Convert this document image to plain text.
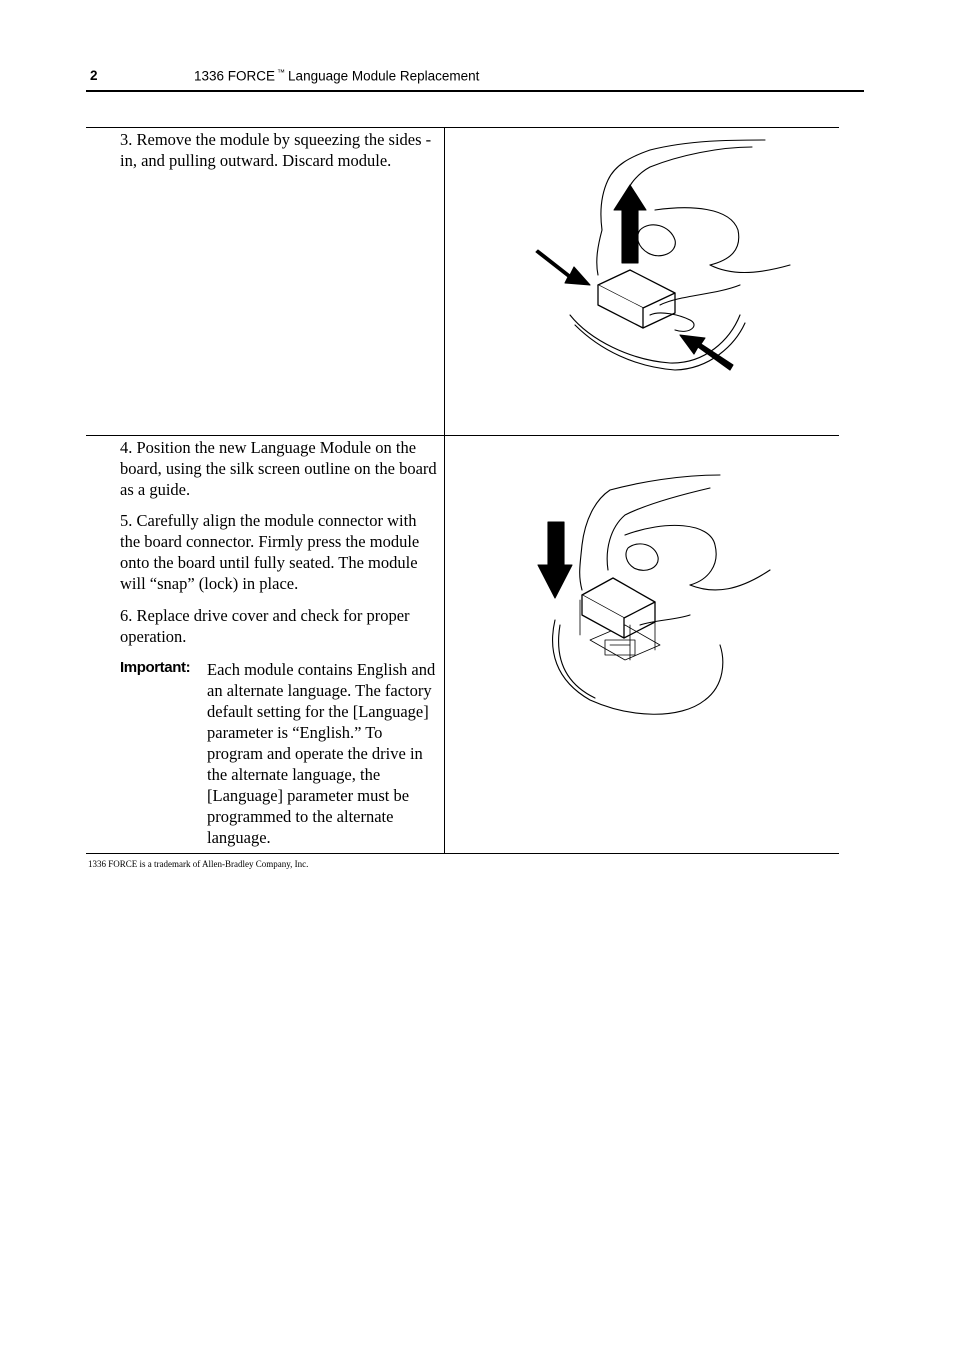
2	1336 FORCE ™ Language Module Replacement

3. Remove the module by squeezing the sides - in, and pulling outward. Discard module.

4. Position the new Language Module on the board, using the silk screen outline on the board as a guide.

5. Carefully align the module connector with the board connector. Firmly press the module onto the board until fully seated. The module will “snap” (lock) in place.

6. Replace drive cover and check for proper operation.

Important: Each module contains English and an alternate language. The factory default setting for the [Language] parameter is “English.” To program and operate the drive in the alternate language, the [Language] parameter must be programmed to the alternate language.

1336 FORCE is a trademark of Allen-Bradley Company, Inc.
